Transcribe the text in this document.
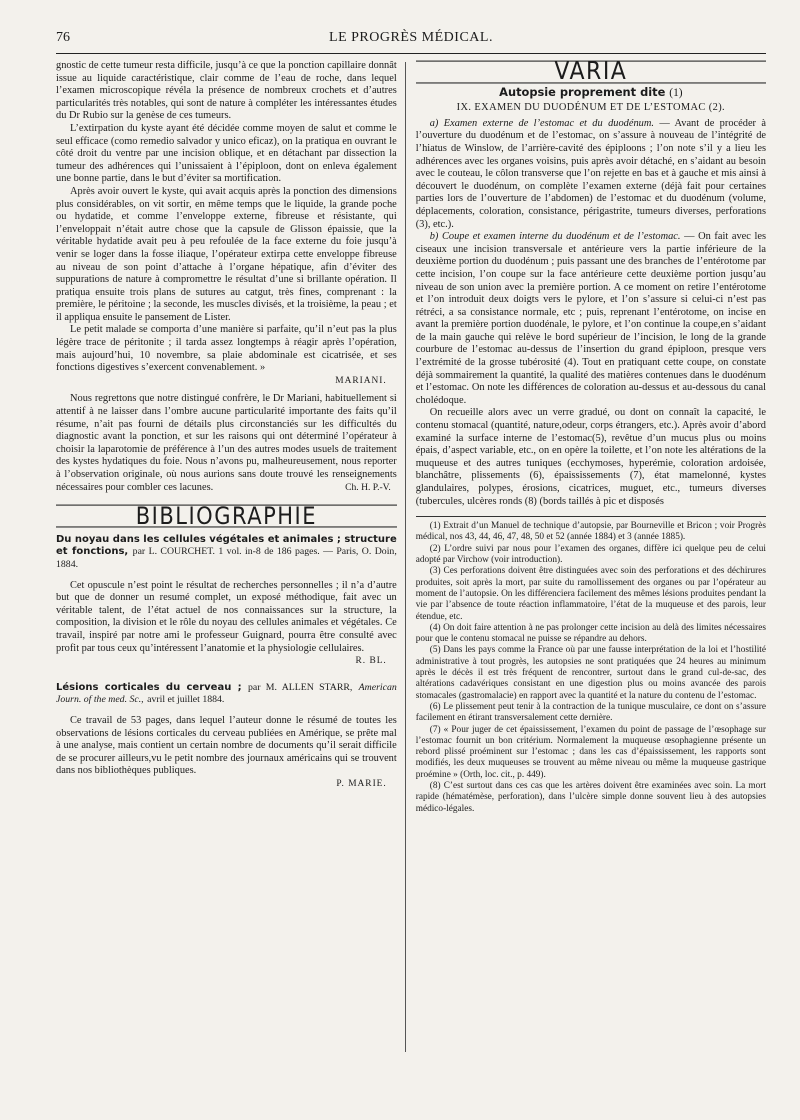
76	LE PROGRÈS MÉDICAL.

gnostic de cette tumeur resta difficile, jusqu’à ce que la ponction capillaire donnât issue au liquide caractéristique, clair comme de l’eau de roche, dans lequel l’examen microscopique révéla la présence de nombreux crochets et d’autres particularités très notables, qui sont de nature à compléter les intéressantes études du Dr Rubio sur la genèse de ces tumeurs.

L’extirpation du kyste ayant été décidée comme moyen de salut et comme le seul efficace (como remedio salvador y unico eficaz), on la pratiqua en ouvrant le côté droit du ventre par une incision oblique, et en détachant par dissection la tumeur des adhérences qui l’unissaient à l’épiploon, dont on enleva également une bonne partie, dans le but d’éviter sa mortification.

Après avoir ouvert le kyste, qui avait acquis après la ponction des dimensions plus considérables, on vit sortir, en même temps que le liquide, la grande poche ou hydatide, et comme l’enveloppe externe, fibreuse et résistante, qui l’enveloppait n’était autre chose que la capsule de Glisson épaissie, que la véritable hydatide avait peu à peu refoulée de la face externe du foie jusqu’à venir se loger dans la fosse iliaque, l’opérateur extirpa cette enveloppe fibreuse au niveau de son point d’attache à l’organe hépatique, afin d’éviter des suppurations de nature à compromettre le résultat d’une si brillante opération. Il pratiqua ensuite trois plans de sutures au catgut, très fines, comprenant : la première, le péritoine ; la seconde, les muscles divisés, et la troisième, la peau ; et il appliqua ensuite le pansement de Lister.

Le petit malade se comporta d’une manière si parfaite, qu’il n’eut pas la plus légère trace de péritonite ; il tarda assez longtemps à réagir après l’opération, mais aujourd’hui, 10 novembre, sa plaie abdominale est cicatrisée, et ses fonctions digestives s’exercent convenablement. »

MARIANI.

Nous regrettons que notre distingué confrère, le Dr Mariani, habituellement si attentif à ne laisser dans l’ombre aucune particularité importante des faits qu’il résume, n’ait pas fourni de détails plus circonstanciés sur les difficultés du diagnostic avant la ponction, et sur les raisons qui ont déterminé l’opérateur à choisir la laparotomie de préférence à l’un des autres modes usuels de traitement des kystes hydatiques du foie. Nous n’avons pu, malheureusement, nous reporter à l’observation originale, où nous aurions sans doute trouvé les renseignements nécessaires pour combler ces lacunes.	Ch. H. P.-V.

BIBLIOGRAPHIE

Du noyau dans les cellules végétales et animales ; structure et fonctions, par L. COURCHET. 1 vol. in-8 de 186 pages. — Paris, O. Doin, 1884.

Cet opuscule n’est point le résultat de recherches personnelles ; il n’a d’autre but que de donner un resumé complet, un exposé méthodique, fait avec un véritable talent, de l’état actuel de nos connaissances sur la structure, la composition, la division et le rôle du noyau des cellules animales et végétales. Ce travail, inspiré par notre ami le professeur Guignard, pourra être consulté avec profit par tous ceux qu’intéressent l’anatomie et la physiologie cellulaires.

R. BL.

Lésions corticales du cerveau ; par M. ALLEN STARR, American Journ. of the med. Sc., avril et juillet 1884.

Ce travail de 53 pages, dans lequel l’auteur donne le résumé de toutes les observations de lésions corticales du cerveau publiées en Amérique, se prête mal à une analyse, mais contient un certain nombre de documents qu’il serait difficile de se procurer ailleurs,vu le petit nombre des journaux américains qui se trouvent dans nos bibliothèques publiques.

P. MARIE.
VARIA
Autopsie proprement dite (1)
IX. EXAMEN DU DUODÉNUM ET DE L’ESTOMAC (2).

a) Examen externe de l’estomac et du duodénum. — Avant de procéder à l’ouverture du duodénum et de l’estomac, on s’assure à nouveau de l’intégrité de l’hiatus de Winslow, de l’arrière-cavité des épiploons ; l’on note s’il y a lieu les adhérences avec les organes voisins, puis après avoir détaché, en s’aidant au besoin avec le couteau, le côlon transverse que l’on rejette en bas et à gauche et mis ainsi à découvert le duodénum, on complète l’examen externe (déjà fait pour certaines parties lors de l’ouverture de l’abdomen) de l’estomac et du duodénum (volume, déplacements, coloration, consistance, périgastrite, tumeurs diverses, perforations (3), etc.).

b) Coupe et examen interne du duodénum et de l’estomac. — On fait avec les ciseaux une incision transversale et antérieure vers la partie inférieure de la deuxième portion du duodénum ; puis passant une des branches de l’entérotome par cette incision, l’on coupe sur la face antérieure cette deuxième portion jusqu’au niveau de son union avec la première portion. A ce moment on retire l’entérotome et l’on introduit deux doigts vers le pylore, et l’on s’assure si celui-ci n’est pas rétréci, a sa consistance normale, etc ; puis, reprenant l’entérotome, on incise en avant la première portion duodénale, le pylore, et l’on continue la coupe,en s’aidant de la main gauche qui relève le bord supérieur de l’incision, le long de la grande courbure de l’estomac au-dessus de l’insertion du grand épiploon, presque vers l’extrémité de la grosse tubérosité (4). Tout en pratiquant cette coupe, on constate déjà sommairement la quantité, la qualité des matières contenues dans le duodénum et l’estomac. On note les différences de coloration au-dessus et au-dessous du canal cholédoque.

On recueille alors avec un verre gradué, ou dont on connaît la capacité, le contenu stomacal (quantité, nature,odeur, corps étrangers, etc.). Après avoir d’abord examiné la surface interne de l’estomac(5), revêtue d’un mucus plus ou moins épais, d’aspect variable, etc., on en opère la toilette, et l’on note les altérations de la muqueuse et des autres tuniques (ecchymoses, hyperémie, coloration ardoisée, blanchâtre, plissements (6), épaississements (7), état mamelonné, kystes glandulaires, polypes, érosions, cicatrices, muguet, etc., tumeurs diverses (tubercules, ulcères ronds (8) (bords taillés à pic et disposés

(1) Extrait d’un Manuel de technique d’autopsie, par Bourneville et Bricon ; voir Progrès médical, nos 43, 44, 46, 47, 48, 50 et 52 (année 1884) et 3 (année 1885).

(2) L’ordre suivi par nous pour l’examen des organes, diffère ici quelque peu de celui adopté par Virchow (voir introduction).

(3) Ces perforations doivent être distinguées avec soin des perforations et des déchirures produites, soit après la mort, par suite du ramollissement des organes ou par l’opérateur au moment de l’autopsie. On les différenciera facilement des mêmes lésions produites pendant la vie par l’absence de toute réaction inflammatoire, l’état de la muqueuse et des parois, leur étendue, etc.

(4) On doit faire attention à ne pas prolonger cette incision au delà des limites nécessaires pour que le contenu stomacal ne puisse se répandre au dehors.

(5) Dans les pays comme la France où par une fausse interprétation de la loi et l’hostilité administrative à tout progrès, les autopsies ne sont pratiquées que 24 heures au minimum après le décès il est très fréquent de rencontrer, surtout dans le grand cul-de-sac, des altérations cadavériques consistant en une digestion plus ou moins avancée des parois stomacales (gastromalacie) en rapport avec la quantité et la nature du contenu de l’estomac.

(6) Le plissement peut tenir à la contraction de la tunique musculaire, ce dont on s’assure facilement en étirant transversalement cette dernière.

(7) « Pour juger de cet épaississement, l’examen du point de passage de l’œsophage sur l’estomac fournit un bon critérium. Normalement la muqueuse œsophagienne présente un rebord plissé proéminent sur l’estomac ; dans les cas d’épaississement, les rapports sont modifiés, les deux muqueuses se trouvent au même niveau ou même la muqueuse gastrique proémine » (Orth, loc. cit., p. 449).

(8) C’est surtout dans ces cas que les artères doivent être examinées avec soin. La mort rapide (hématémèse, perforation), dans l’ulcère simple donne souvent lieu à des autopsies médico-légales.
